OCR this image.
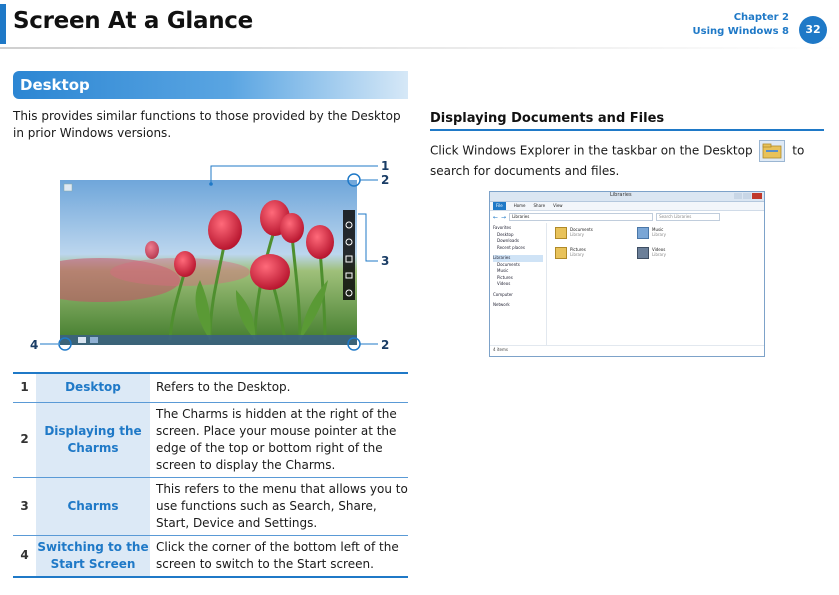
Screen At a Glance	Chapter 2
Using Windows 8	32
Desktop
This provides similar functions to those provided by the Desktop in prior Windows versions.
1
2
3
2
4
1	Desktop	Refers to the Desktop.
2	Displaying the Charms	The Charms is hidden at the right of the screen. Place your mouse pointer at the edge of the top or bottom right of the screen to display the Charms.
3	Charms	This refers to the menu that allows you to use functions such as Search, Share, Start, Device and Settings.
4	Switching to the Start Screen	Click the corner of the bottom left of the screen to switch to the Start screen.
Displaying Documents and Files
Click Windows Explorer in the taskbar on the Desktop	to search for documents and files.
Libraries
File	Home Share View
← →	Libraries	Search Libraries
Favorites
Desktop
Downloads
Recent places
Libraries
Documents
Music
Pictures
Videos
Computer
Network
Documents
Library
Music
Library
Pictures
Library
Videos
Library
4 items
